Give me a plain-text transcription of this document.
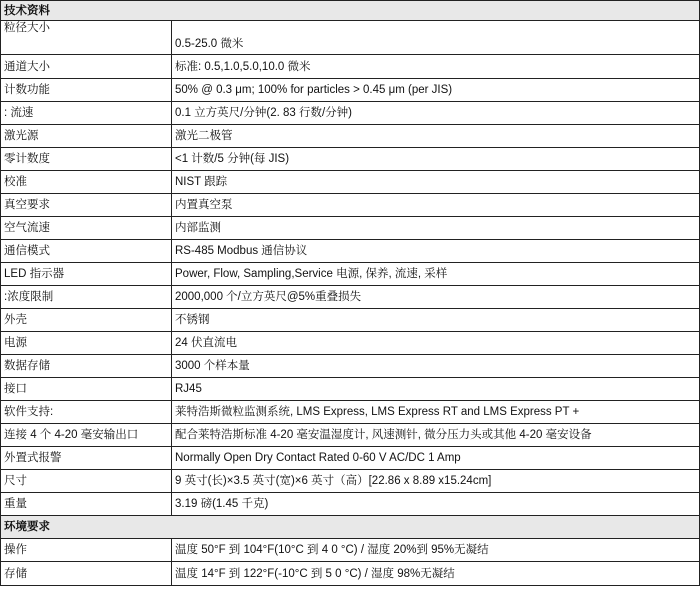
技术资料	
粒径大小	0.5-25.0 微米
通道大小	标准: 0.5,1.0,5.0,10.0 微米
计数功能	50% @ 0.3 μm; 100% for particles > 0.45 μm (per JIS)
: 流速	0.1 立方英尺/分钟(2. 83 行数/分钟)
激光源	激光二极管
零计数度	<1 计数/5 分钟(每 JIS)
校准	NIST 跟踪
真空要求	内置真空泵
空气流速	内部监测
通信模式	RS-485 Modbus 通信协议
LED 指示器	Power, Flow, Sampling,Service 电源, 保养, 流速, 采样
:浓度限制	2000,000 个/立方英尺@5%重叠损失
外壳	不锈钢
电源	24 伏直流电
数据存储	3000 个样本量
接口	RJ45
软件支持:	莱特浩斯微粒监测系统, LMS Express, LMS Express RT and LMS Express PT +
连接 4 个 4-20 毫安输出口	配合莱特浩斯标准 4-20 毫安温湿度计, 风速测针, 微分压力头或其他 4-20 毫安设备
外置式报警	Normally Open Dry Contact Rated 0-60 V AC/DC 1 Amp
尺寸	9 英寸(长)×3.5 英寸(宽)×6 英寸（高）[22.86 x 8.89 x15.24cm]
重量	3.19 磅(1.45 千克)
环境要求	
操作	温度 50°F 到 104°F(10°C 到 4 0 °C) / 湿度 20%到 95%无凝结
存储	温度 14°F 到 122°F(-10°C 到 5 0 °C) / 湿度 98%无凝结
